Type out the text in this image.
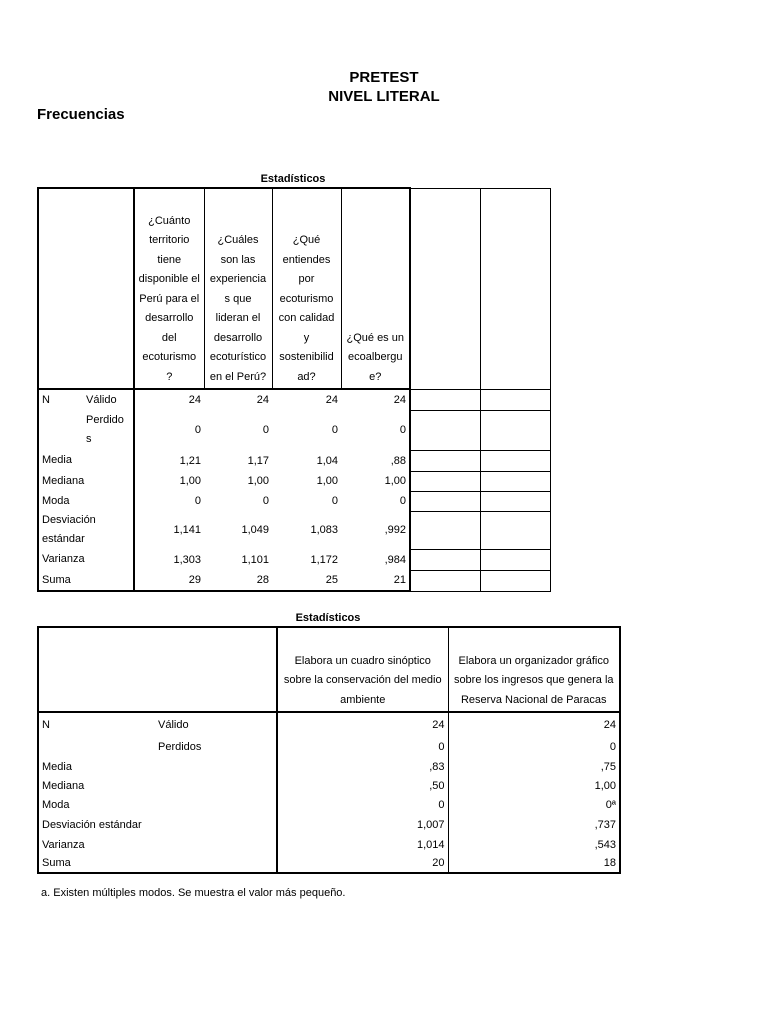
PRETEST
NIVEL LITERAL
Frecuencias
Estadísticos
		¿Cuánto territorio tiene disponible el Perú para el desarrollo del ecoturismo ?	¿Cuáles son las experiencia s que lideran el desarrollo ecoturístico en el Perú?	¿Qué entiendes por ecoturismo con calidad y sostenibilid ad?	¿Qué es un ecoalbergu e?		
N	Válido	24	24	24	24		
	Perdido s	0	0	0	0		
Media		1,21	1,17	1,04	,88		
Mediana		1,00	1,00	1,00	1,00		
Moda		0	0	0	0		
Desviación estándar		1,141	1,049	1,083	,992		
Varianza		1,303	1,101	1,172	,984		
Suma		29	28	25	21		
Estadísticos
		Elabora un cuadro sinóptico sobre la conservación del medio ambiente	Elabora un organizador gráfico sobre los ingresos que genera la Reserva Nacional de Paracas
N	Válido	24	24
	Perdidos	0	0
Media		,83	,75
Mediana		,50	1,00
Moda		0	0ª
Desviación estándar		1,007	,737
Varianza		1,014	,543
Suma		20	18
a. Existen múltiples modos. Se muestra el valor más pequeño.
